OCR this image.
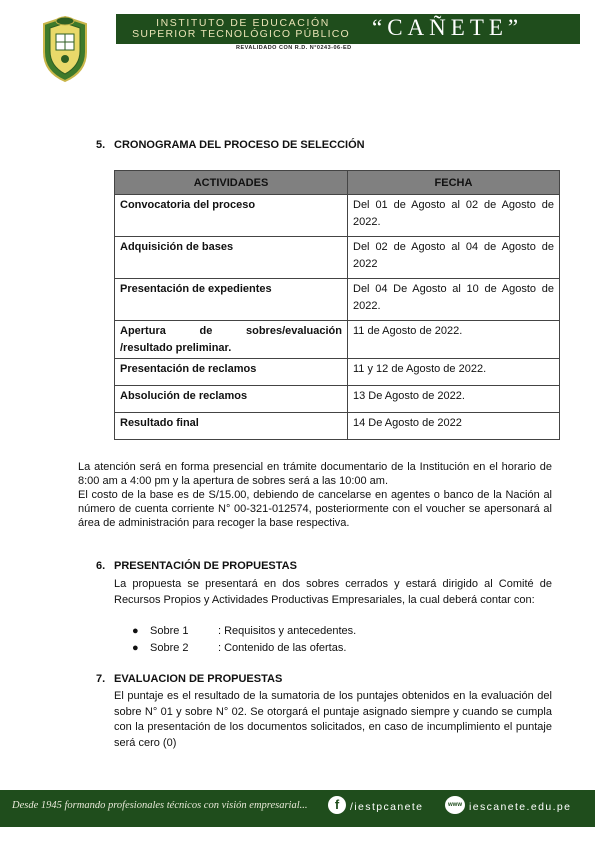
INSTITUTO DE EDUCACIÓN
SUPERIOR TECNOLÓGICO PÚBLICO “CAÑETE”
REVALIDADO CON R.D. N°0243-06-ED
5. CRONOGRAMA DEL PROCESO DE SELECCIÓN
ACTIVIDADES	FECHA
Convocatoria del proceso	Del 01 de Agosto al 02 de Agosto de 2022.
Adquisición de bases	Del 02 de Agosto al 04 de Agosto de 2022
Presentación de expedientes	Del 04 De Agosto al 10 de Agosto de 2022.

Apertura de sobres/evaluación
/resultado preliminar.	11 de Agosto de 2022.
Presentación de reclamos	11 y 12 de Agosto de 2022.
Absolución de reclamos	13 De Agosto de 2022.
Resultado final	14 De Agosto de 2022
La atención será en forma presencial en trámite documentario de la Institución en el horario de 8:00 am a 4:00 pm y la apertura de sobres será a las 10:00 am.
El costo de la base es de S/15.00, debiendo de cancelarse en agentes o banco de la Nación al número de cuenta corriente N° 00-321-012574, posteriormente con el voucher se apersonará al área de administración para recoger la base respectiva.
6. PRESENTACIÓN DE PROPUESTAS
La propuesta se presentará en dos sobres cerrados y estará dirigido al Comité de Recursos Propios y Actividades Productivas Empresariales, la cual deberá contar con:
● Sobre 1	: Requisitos y antecedentes.
● Sobre 2	: Contenido de las ofertas.
7. EVALUACION DE PROPUESTAS
El puntaje es el resultado de la sumatoria de los puntajes obtenidos en la evaluación del sobre N° 01 y sobre N° 02. Se otorgará el puntaje asignado siempre y cuando se cumpla con la presentación de los documentos solicitados, en caso de incumplimiento el puntaje será cero (0)
Desde 1945 formando profesionales técnicos con visión empresarial...	f	/iestpcanete	www iescanete.edu.pe
